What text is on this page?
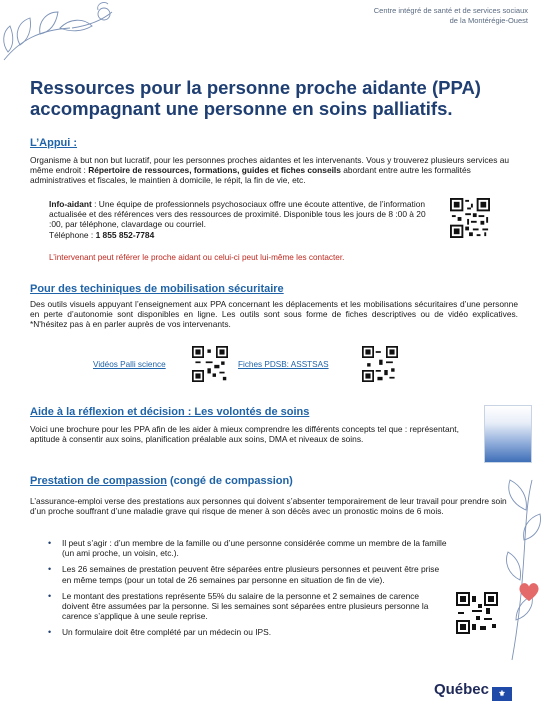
Centre intégré de santé et de services sociaux
de la Montérégie-Ouest
Ressources pour la personne proche aidante (PPA)
accompagnant une personne en soins palliatifs.
L’Appui :
Organisme à but non but lucratif, pour les personnes proches aidantes et les intervenants. Vous y trouverez plusieurs services au même endroit : Répertoire de ressources, formations, guides et fiches conseils abordant entre autre les formalités administratives et fiscales, le maintien à domicile, le répit, la fin de vie, etc.
Info-aidant : Une équipe de professionnels psychosociaux offre une écoute attentive, de l’information actualisée et des références vers des ressources de proximité. Disponible tous les jours de 8 :00 à 20 :00, par téléphone, clavardage ou courriel.
Téléphone : 1 855 852-7784
L’intervenant peut référer le proche aidant ou celui-ci peut lui-même les contacter.
Pour des techiniques de mobilisation sécuritaire
Des outils visuels appuyant l’enseignement aux PPA concernant les déplacements et les mobilisations sécuritaires d’une personne en perte d’autonomie sont disponibles en ligne. Les outils sont sous forme de fiches descriptives ou de vidéo explicatives. *N'hésitez pas à en parler auprès de vos intervenants.
Vidéos Palli science	Fiches PDSB: ASSTSAS
Aide à la réflexion et décision : Les volontés de soins
Voici une brochure pour les PPA afin de les aider à mieux comprendre les différents concepts tel que : représentant, aptitude à consentir aux soins, planification préalable aux soins, DMA et niveaux de soins.
Prestation de compassion (congé de compassion)
L’assurance-emploi verse des prestations aux personnes qui doivent s’absenter temporairement de leur travail pour prendre soin d’un proche souffrant d’une maladie grave qui risque de mener à son décès avec un pronostic moins de 6 mois.
• Il peut s’agir : d’un membre de la famille ou d’une personne considérée comme un membre de la famille (un ami proche, un voisin, etc.).
• Les 26 semaines de prestation peuvent être séparées entre plusieurs personnes et peuvent être prise en même temps (pour un total de 26 semaines par personne en situation de fin de vie).
• Le montant des prestations représente 55% du salaire de la personne et 2 semaines de carence doivent être assumées par la personne. Si les semaines sont séparées entre plusieurs personne la carence s’applique à une seule reprise.
• Un formulaire doit être complété par un médecin ou IPS.
Québec ⚜
